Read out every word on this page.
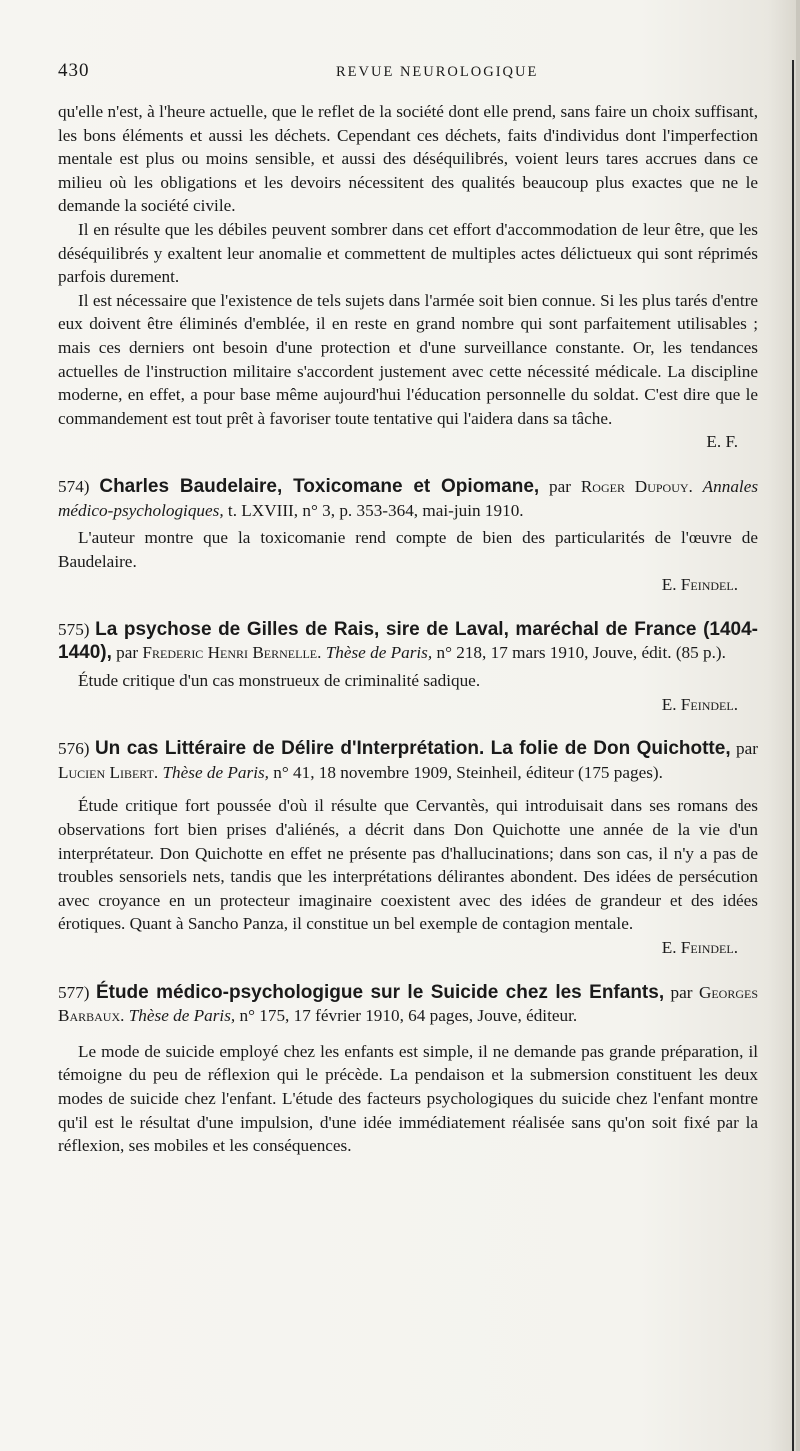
430	REVUE NEUROLOGIQUE

qu'elle n'est, à l'heure actuelle, que le reflet de la société dont elle prend, sans faire un choix suffisant, les bons éléments et aussi les déchets. Cependant ces déchets, faits d'individus dont l'imperfection mentale est plus ou moins sensible, et aussi des déséquilibrés, voient leurs tares accrues dans ce milieu où les obligations et les devoirs nécessitent des qualités beaucoup plus exactes que ne le demande la société civile.

Il en résulte que les débiles peuvent sombrer dans cet effort d'accommodation de leur être, que les déséquilibrés y exaltent leur anomalie et commettent de multiples actes délictueux qui sont réprimés parfois durement.

Il est nécessaire que l'existence de tels sujets dans l'armée soit bien connue. Si les plus tarés d'entre eux doivent être éliminés d'emblée, il en reste en grand nombre qui sont parfaitement utilisables ; mais ces derniers ont besoin d'une protection et d'une surveillance constante. Or, les tendances actuelles de l'instruction militaire s'accordent justement avec cette nécessité médicale. La discipline moderne, en effet, a pour base même aujourd'hui l'éducation personnelle du soldat. C'est dire que le commandement est tout prêt à favoriser toute tentative qui l'aidera dans sa tâche.

E. F.

574) Charles Baudelaire, Toxicomane et Opiomane, par Roger Dupouy. Annales médico-psychologiques, t. LXVIII, n° 3, p. 353-364, mai-juin 1910.

L'auteur montre que la toxicomanie rend compte de bien des particularités de l'œuvre de Baudelaire.

E. Feindel.

575) La psychose de Gilles de Rais, sire de Laval, maréchal de France (1404-1440), par Frederic Henri Bernelle. Thèse de Paris, n° 218, 17 mars 1910, Jouve, édit. (85 p.).

Étude critique d'un cas monstrueux de criminalité sadique.

E. Feindel.

576) Un cas Littéraire de Délire d'Interprétation. La folie de Don Quichotte, par Lucien Libert. Thèse de Paris, n° 41, 18 novembre 1909, Steinheil, éditeur (175 pages).

Étude critique fort poussée d'où il résulte que Cervantès, qui introduisait dans ses romans des observations fort bien prises d'aliénés, a décrit dans Don Quichotte une année de la vie d'un interprétateur. Don Quichotte en effet ne présente pas d'hallucinations; dans son cas, il n'y a pas de troubles sensoriels nets, tandis que les interprétations délirantes abondent. Des idées de persécution avec croyance en un protecteur imaginaire coexistent avec des idées de grandeur et des idées érotiques. Quant à Sancho Panza, il constitue un bel exemple de contagion mentale.

E. Feindel.

577) Étude médico-psychologigue sur le Suicide chez les Enfants, par Georges Barbaux. Thèse de Paris, n° 175, 17 février 1910, 64 pages, Jouve, éditeur.

Le mode de suicide employé chez les enfants est simple, il ne demande pas grande préparation, il témoigne du peu de réflexion qui le précède. La pendaison et la submersion constituent les deux modes de suicide chez l'enfant. L'étude des facteurs psychologiques du suicide chez l'enfant montre qu'il est le résultat d'une impulsion, d'une idée immédiatement réalisée sans qu'on soit fixé par la réflexion, ses mobiles et les conséquences.
